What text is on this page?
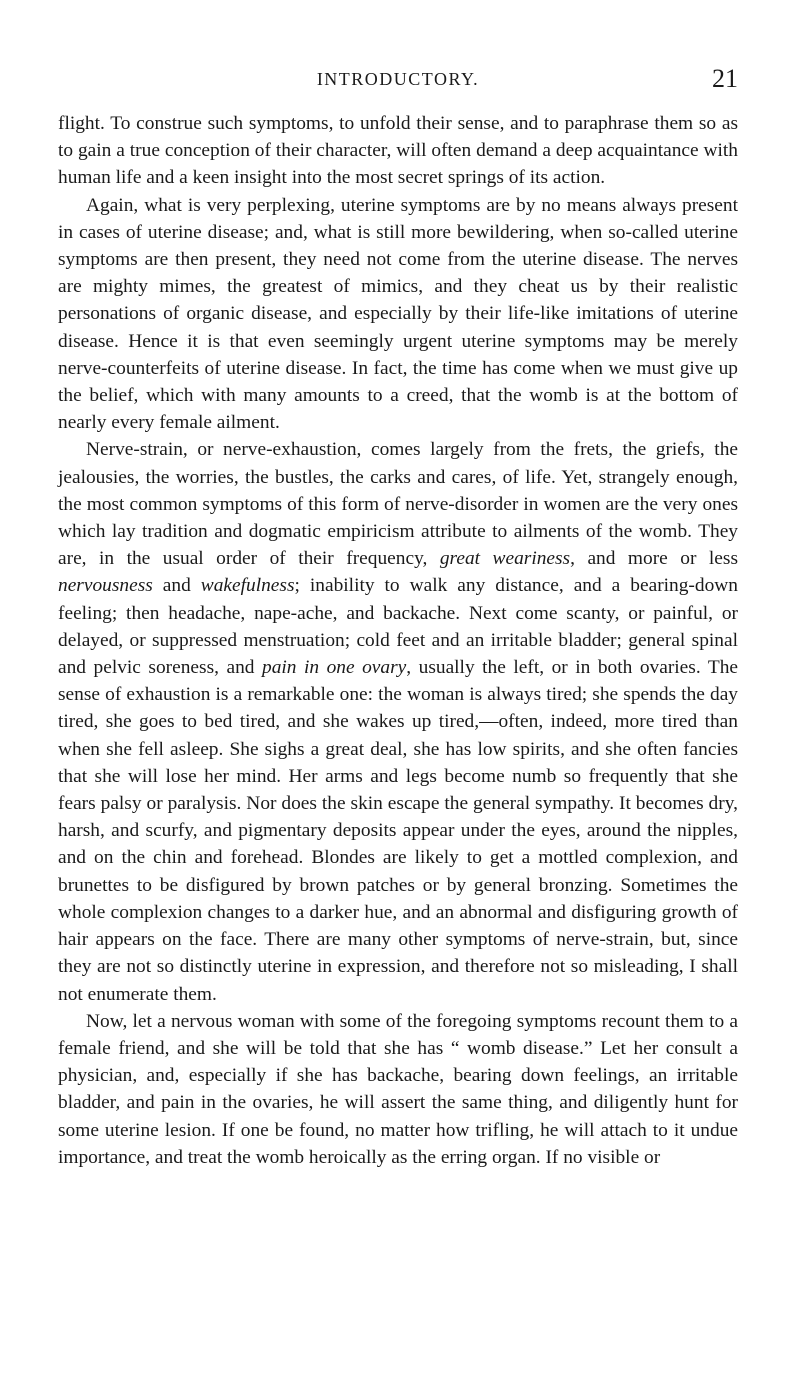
INTRODUCTORY.	21

flight. To construe such symptoms, to unfold their sense, and to paraphrase them so as to gain a true conception of their character, will often demand a deep acquaintance with human life and a keen insight into the most secret springs of its action.

Again, what is very perplexing, uterine symptoms are by no means always present in cases of uterine disease; and, what is still more bewildering, when so-called uterine symptoms are then present, they need not come from the uterine disease. The nerves are mighty mimes, the greatest of mimics, and they cheat us by their realistic personations of organic disease, and especially by their life-like imitations of uterine disease. Hence it is that even seemingly urgent uterine symptoms may be merely nerve-counterfeits of uterine disease. In fact, the time has come when we must give up the belief, which with many amounts to a creed, that the womb is at the bottom of nearly every female ailment.

Nerve-strain, or nerve-exhaustion, comes largely from the frets, the griefs, the jealousies, the worries, the bustles, the carks and cares, of life. Yet, strangely enough, the most common symptoms of this form of nerve-disorder in women are the very ones which lay tradition and dogmatic empiricism attribute to ailments of the womb. They are, in the usual order of their frequency, great weariness, and more or less nervousness and wakefulness; inability to walk any distance, and a bearing-down feeling; then headache, nape-ache, and backache. Next come scanty, or painful, or delayed, or suppressed menstruation; cold feet and an irritable bladder; general spinal and pelvic soreness, and pain in one ovary, usually the left, or in both ovaries. The sense of exhaustion is a remarkable one: the woman is always tired; she spends the day tired, she goes to bed tired, and she wakes up tired,—often, indeed, more tired than when she fell asleep. She sighs a great deal, she has low spirits, and she often fancies that she will lose her mind. Her arms and legs become numb so frequently that she fears palsy or paralysis. Nor does the skin escape the general sympathy. It becomes dry, harsh, and scurfy, and pigmentary deposits appear under the eyes, around the nipples, and on the chin and forehead. Blondes are likely to get a mottled complexion, and brunettes to be disfigured by brown patches or by general bronzing. Sometimes the whole complexion changes to a darker hue, and an abnormal and disfiguring growth of hair appears on the face. There are many other symptoms of nerve-strain, but, since they are not so distinctly uterine in expression, and therefore not so misleading, I shall not enumerate them.

Now, let a nervous woman with some of the foregoing symptoms recount them to a female friend, and she will be told that she has “ womb disease.” Let her consult a physician, and, especially if she has backache, bearing down feelings, an irritable bladder, and pain in the ovaries, he will assert the same thing, and diligently hunt for some uterine lesion. If one be found, no matter how trifling, he will attach to it undue importance, and treat the womb heroically as the erring organ. If no visible or
